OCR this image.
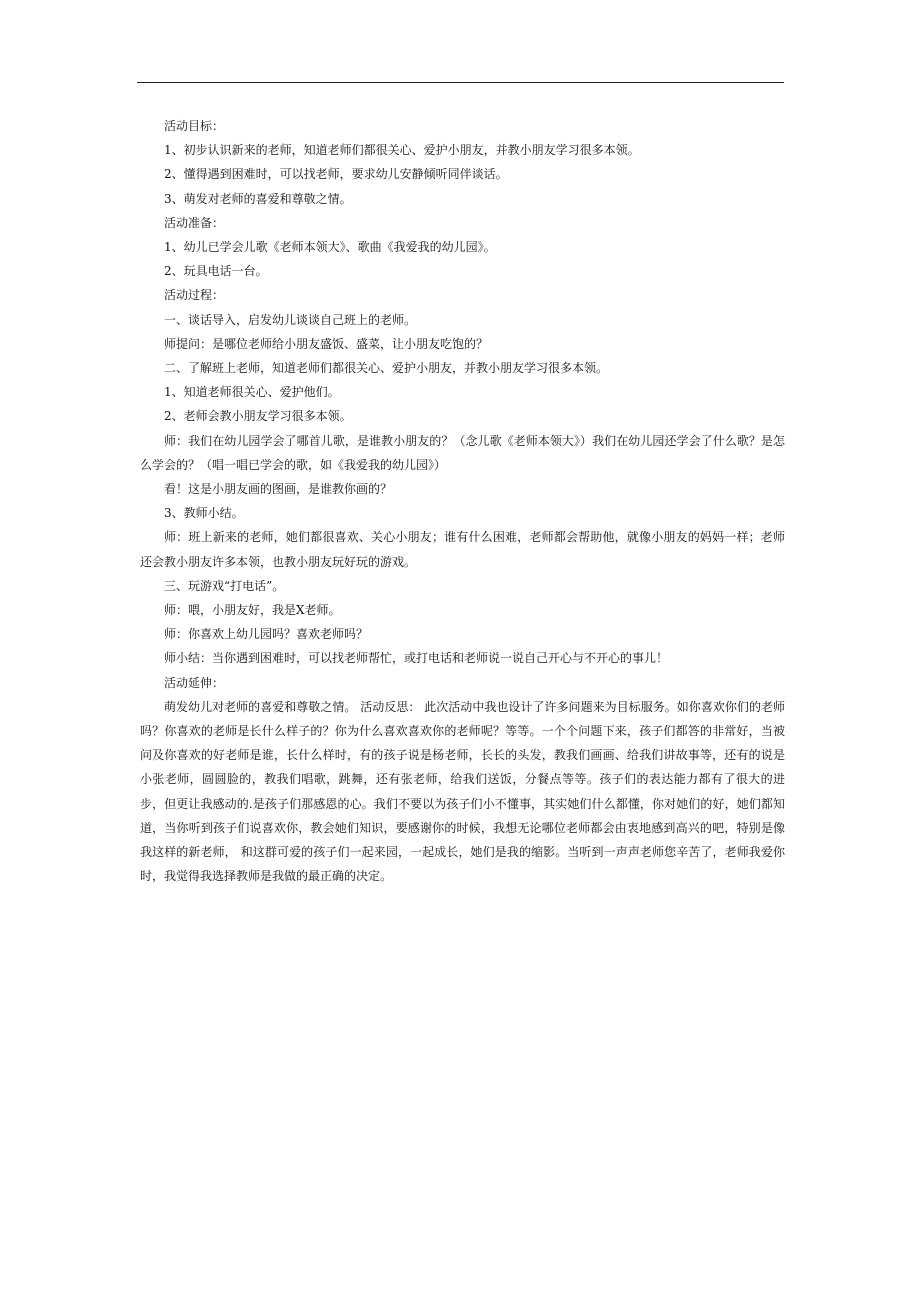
活动目标：
1、初步认识新来的老师，知道老师们都很关心、爱护小朋友，并教小朋友学习很多本领。
2、懂得遇到困难时，可以找老师，要求幼儿安静倾听同伴谈话。
3、萌发对老师的喜爱和尊敬之情。
活动准备：
1、幼儿已学会儿歌《老师本领大》、歌曲《我爱我的幼儿园》。
2、玩具电话一台。
活动过程：
一、谈话导入，启发幼儿谈谈自己班上的老师。
师提问：是哪位老师给小朋友盛饭、盛菜，让小朋友吃饱的？
二、了解班上老师，知道老师们都很关心、爱护小朋友，并教小朋友学习很多本领。
1、知道老师很关心、爱护他们。
2、老师会教小朋友学习很多本领。
师：我们在幼儿园学会了哪首儿歌，是谁教小朋友的？（念儿歌《老师本领大》）我们在幼儿园还学会了什么歌？是怎么学会的？（唱一唱已学会的歌，如《我爱我的幼儿园》）
看！这是小朋友画的图画，是谁教你画的？
3、教师小结。
师：班上新来的老师，她们都很喜欢、关心小朋友；谁有什么困难，老师都会帮助他，就像小朋友的妈妈一样；老师还会教小朋友许多本领，也教小朋友玩好玩的游戏。
三、玩游戏“打电话”。
师：喂，小朋友好，我是X老师。
师：你喜欢上幼儿园吗？喜欢老师吗？
师小结：当你遇到困难时，可以找老师帮忙，或打电话和老师说一说自己开心与不开心的事儿！
活动延伸：
萌发幼儿对老师的喜爱和尊敬之情。 活动反思： 此次活动中我也设计了许多问题来为目标服务。如你喜欢你们的老师吗？你喜欢的老师是长什么样子的？你为什么喜欢喜欢你的老师呢？等等。一个个问题下来，孩子们都答的非常好，当被问及你喜欢的好老师是谁，长什么样时，有的孩子说是杨老师，长长的头发，教我们画画、给我们讲故事等，还有的说是小张老师，圆圆脸的，教我们唱歌，跳舞，还有张老师，给我们送饭，分餐点等等。孩子们的表达能力都有了很大的进步，但更让我感动的.是孩子们那感恩的心。我们不要以为孩子们小不懂事，其实她们什么都懂，你对她们的好，她们都知道，当你听到孩子们说喜欢你，教会她们知识，要感谢你的时候，我想无论哪位老师都会由衷地感到高兴的吧，特别是像我这样的新老师， 和这群可爱的孩子们一起来园，一起成长，她们是我的缩影。当听到一声声老师您辛苦了，老师我爱你时，我觉得我选择教师是我做的最正确的决定。
